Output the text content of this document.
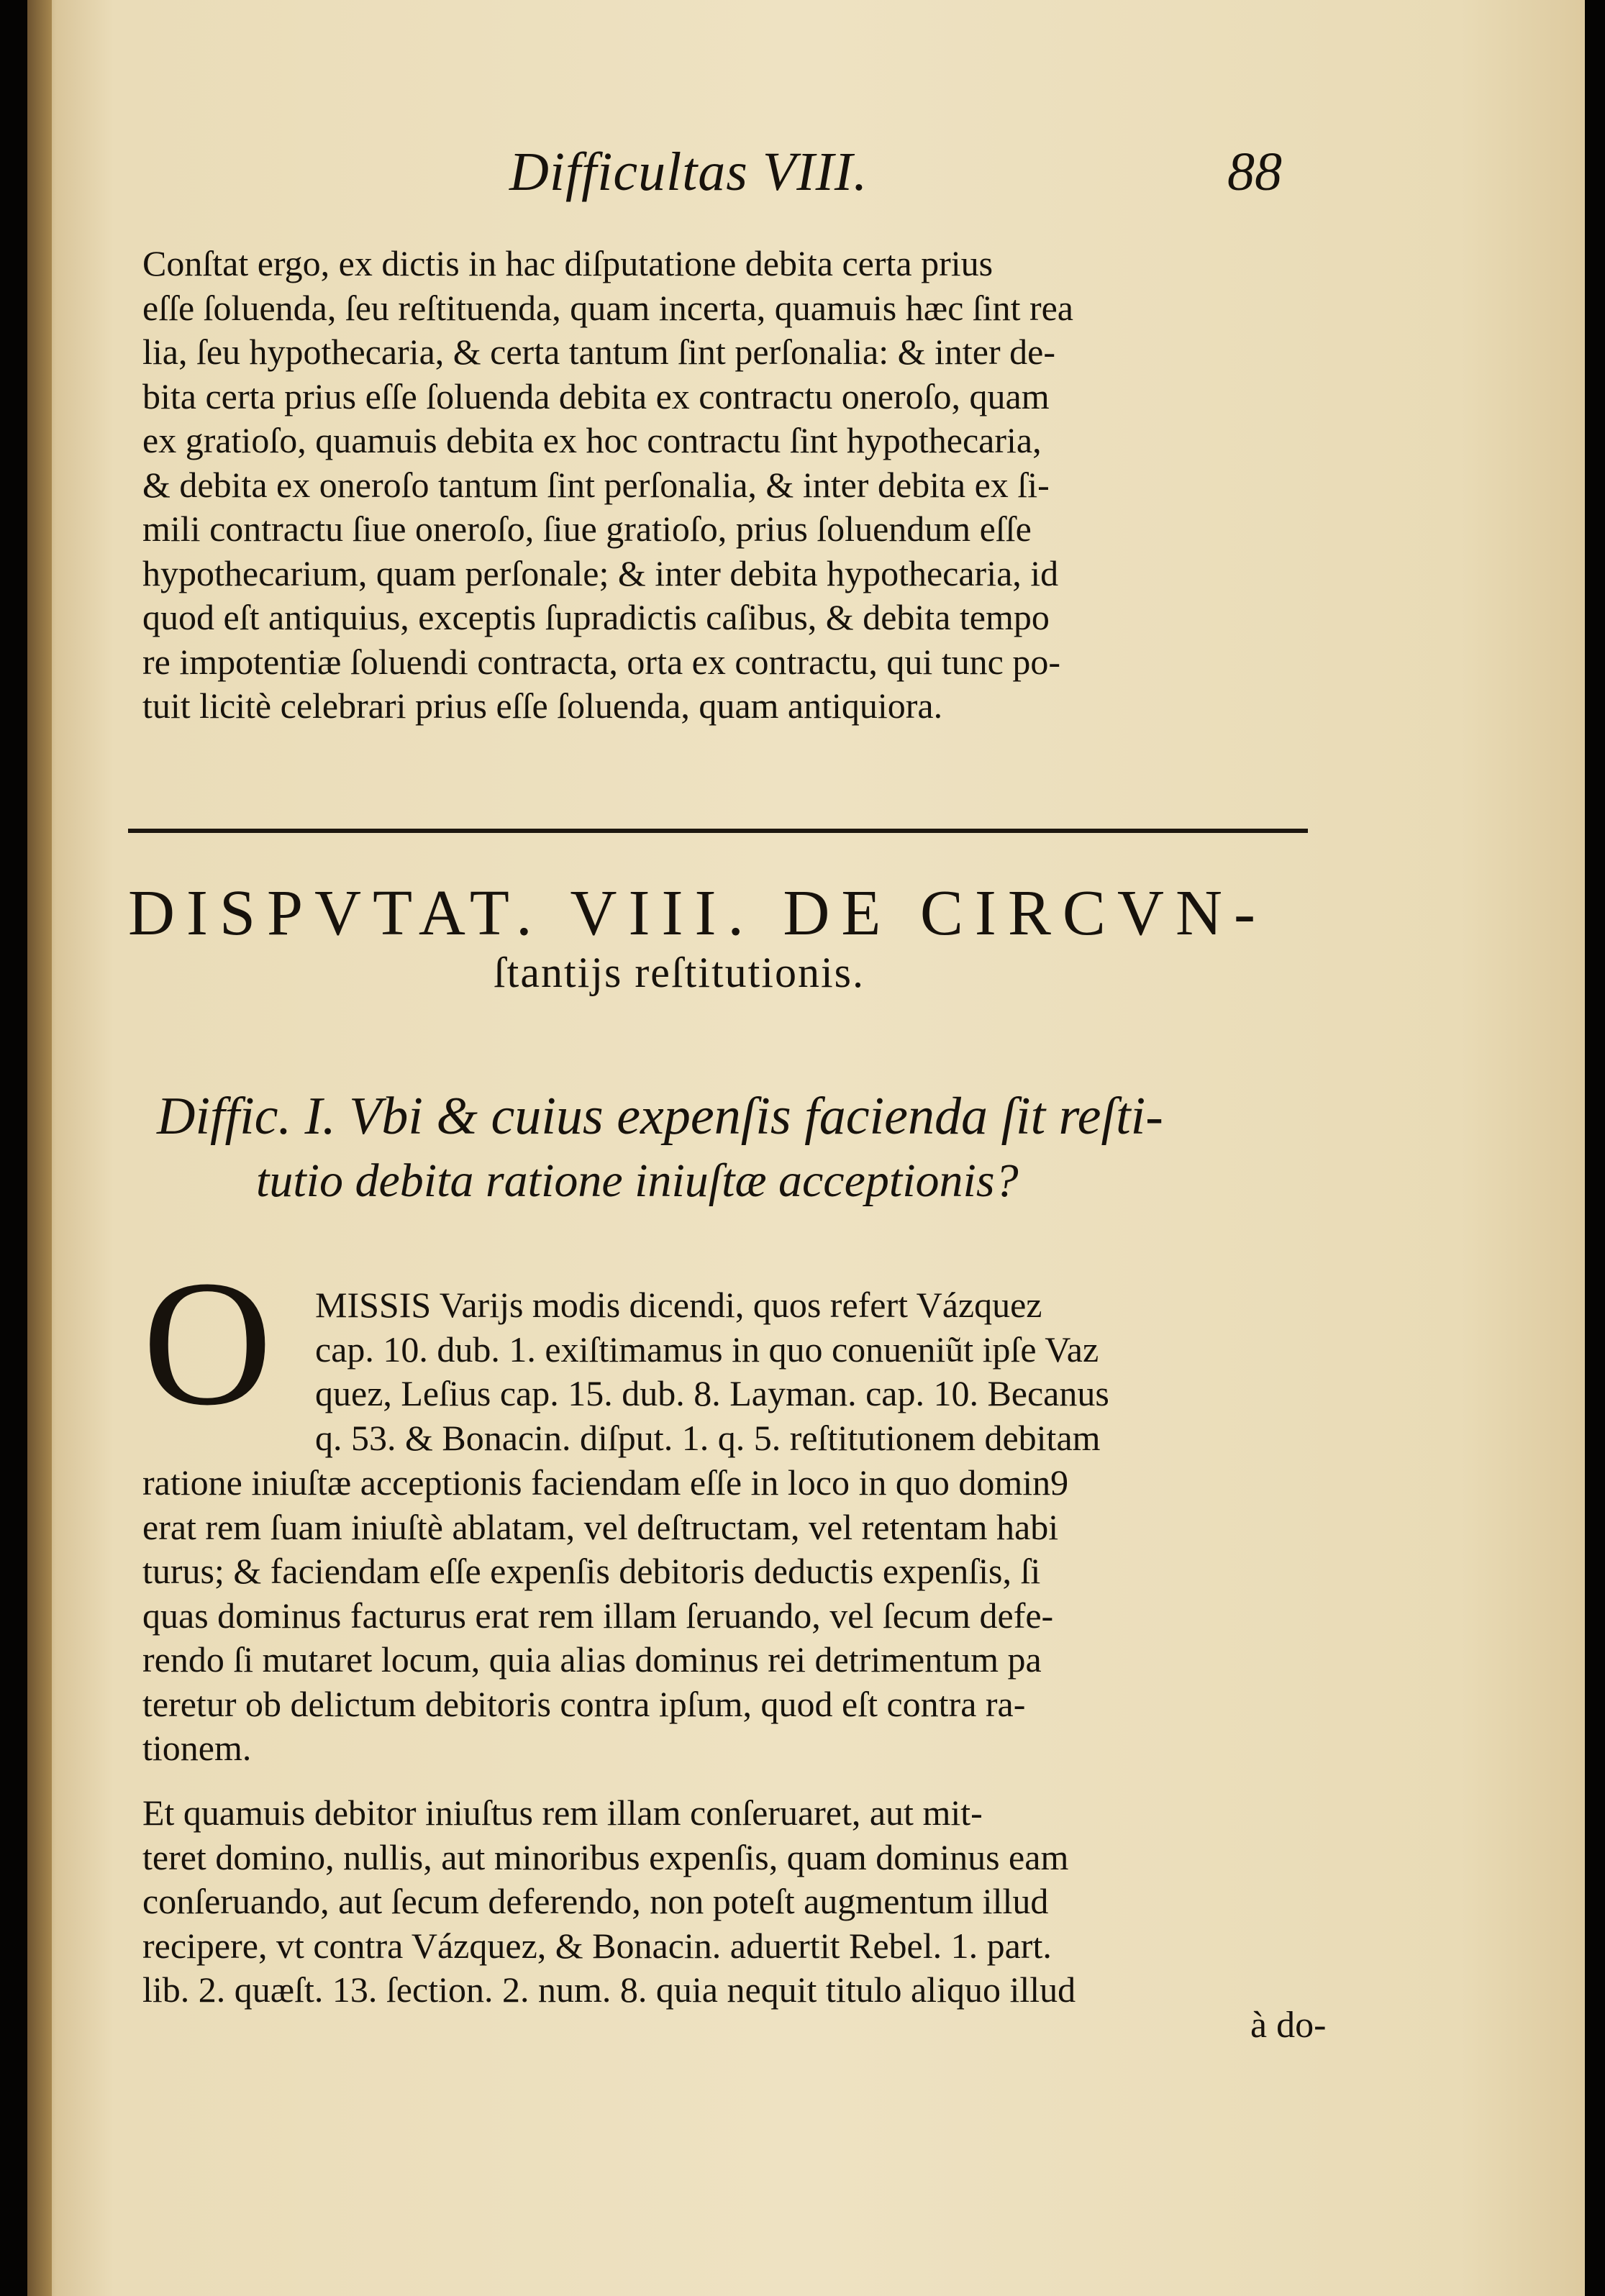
Difficultas VIII.	88
Conſtat ergo, ex dictis in hac diſputatione debita certa prius
eſſe ſoluenda, ſeu reſtituenda, quam incerta, quamuis hæc ſint rea
lia, ſeu hypothecaria, & certa tantum ſint perſonalia: & inter de-
bita certa prius eſſe ſoluenda debita ex contractu oneroſo, quam
ex gratioſo, quamuis debita ex hoc contractu ſint hypothecaria,
& debita ex oneroſo tantum ſint perſonalia, & inter debita ex ſi-
mili contractu ſiue oneroſo, ſiue gratioſo, prius ſoluendum eſſe
hypothecarium, quam perſonale; & inter debita hypothecaria, id
quod eſt antiquius, exceptis ſupradictis caſibus, & debita tempo
re impotentiæ ſoluendi contracta, orta ex contractu, qui tunc po-
tuit licitè celebrari prius eſſe ſoluenda, quam antiquiora.
DISPVTAT. VIII. DE CIRCVN-
ſtantijs reſtitutionis.
Diffic. I. Vbi & cuius expenſis facienda ſit reſti-
tutio debita ratione iniuſtæ acceptionis?
O MISSIS Varijs modis dicendi, quos refert Vázquez
cap. 10. dub. 1. exiſtimamus in quo conueniũt ipſe Vaz
quez, Leſius cap. 15. dub. 8. Layman. cap. 10. Becanus
q. 53. & Bonacin. diſput. 1. q. 5. reſtitutionem debitam
ratione iniuſtæ acceptionis faciendam eſſe in loco in quo domin9
erat rem ſuam iniuſtè ablatam, vel deſtructam, vel retentam habi
turus; & faciendam eſſe expenſis debitoris deductis expenſis, ſi
quas dominus facturus erat rem illam ſeruando, vel ſecum defe-
rendo ſi mutaret locum, quia alias dominus rei detrimentum pa
teretur ob delictum debitoris contra ipſum, quod eſt contra ra-
tionem.
Et quamuis debitor iniuſtus rem illam conſeruaret, aut mit-
teret domino, nullis, aut minoribus expenſis, quam dominus eam
conſeruando, aut ſecum deferendo, non poteſt augmentum illud
recipere, vt contra Vázquez, & Bonacin. aduertit Rebel. 1. part.
lib. 2. quæſt. 13. ſection. 2. num. 8. quia nequit titulo aliquo illud
à do-
